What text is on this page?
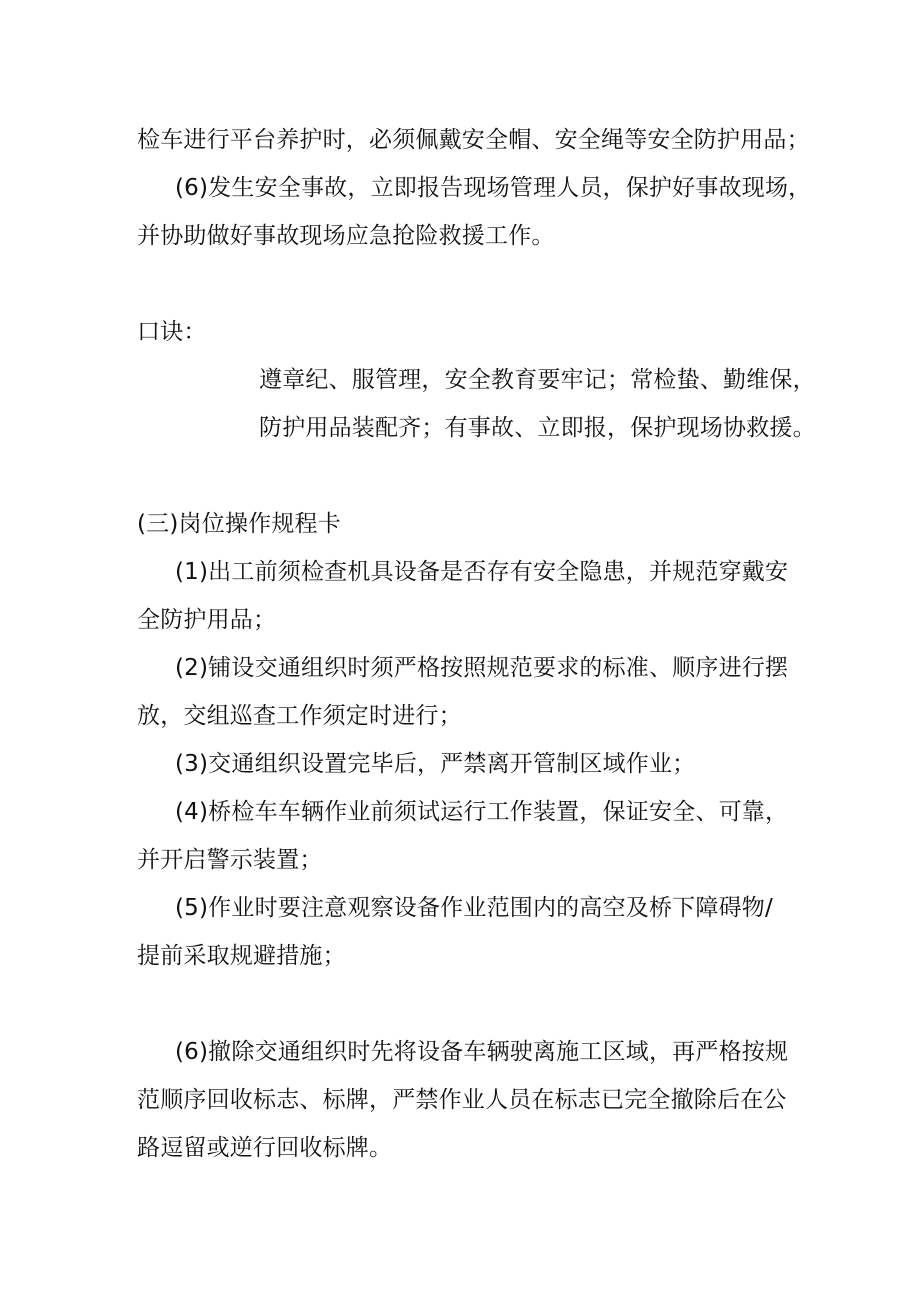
检车进行平台养护时，必须佩戴安全帽、安全绳等安全防护用品；
(6)发生安全事故，立即报告现场管理人员，保护好事故现场，
并协助做好事故现场应急抢险救援工作。
口诀：
遵章纪、服管理，安全教育要牢记；常检蛰、勤维保，
防护用品装配齐；有事故、立即报，保护现场协救援。
(三)岗位操作规程卡
(1)出工前须检查机具设备是否存有安全隐患，并规范穿戴安
全防护用品；
(2)铺设交通组织时须严格按照规范要求的标准、顺序进行摆
放，交组巡查工作须定时进行；
(3)交通组织设置完毕后，严禁离开管制区域作业；
(4)桥检车车辆作业前须试运行工作装置，保证安全、可靠，
并开启警示装置；
(5)作业时要注意观察设备作业范围内的高空及桥下障碍物/
提前采取规避措施；
(6)撤除交通组织时先将设备车辆驶离施工区域，再严格按规
范顺序回收标志、标牌，严禁作业人员在标志已完全撤除后在公
路逗留或逆行回收标牌。
